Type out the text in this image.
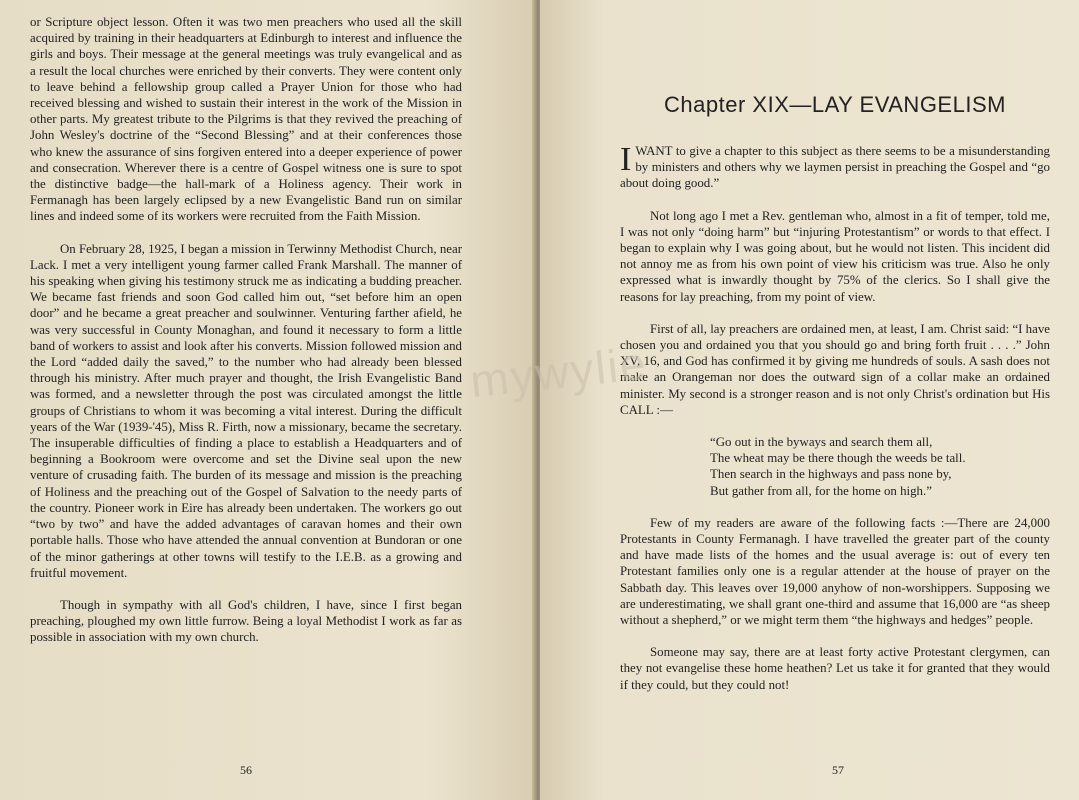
or Scripture object lesson. Often it was two men preachers who used all the skill acquired by training in their headquarters at Edinburgh to interest and influence the girls and boys. Their message at the general meetings was truly evangelical and as a result the local churches were enriched by their converts. They were content only to leave behind a fellowship group called a Prayer Union for those who had received blessing and wished to sustain their interest in the work of the Mission in other parts. My greatest tribute to the Pilgrims is that they revived the preaching of John Wesley's doctrine of the “Second Blessing” and at their conferences those who knew the assurance of sins forgiven entered into a deeper experience of power and consecration. Wherever there is a centre of Gospel witness one is sure to spot the distinctive badge—the hall-mark of a Holiness agency. Their work in Fermanagh has been largely eclipsed by a new Evangelistic Band run on similar lines and indeed some of its workers were recruited from the Faith Mission.

On February 28, 1925, I began a mission in Terwinny Methodist Church, near Lack. I met a very intelligent young farmer called Frank Marshall. The manner of his speaking when giving his testimony struck me as indicating a budding preacher. We became fast friends and soon God called him out, “set before him an open door” and he became a great preacher and soulwinner. Venturing farther afield, he was very successful in County Monaghan, and found it necessary to form a little band of workers to assist and look after his converts. Mission followed mission and the Lord “added daily the saved,” to the number who had already been blessed through his ministry. After much prayer and thought, the Irish Evangelistic Band was formed, and a newsletter through the post was circulated amongst the little groups of Christians to whom it was becoming a vital interest. During the difficult years of the War (1939-'45), Miss R. Firth, now a missionary, became the secretary. The insuperable difficulties of finding a place to establish a Headquarters and of beginning a Bookroom were overcome and set the Divine seal upon the new venture of crusading faith. The burden of its message and mission is the preaching of Holiness and the preaching out of the Gospel of Salvation to the needy parts of the country. Pioneer work in Eire has already been undertaken. The workers go out “two by two” and have the added advantages of caravan homes and their own portable halls. Those who have attended the annual convention at Bundoran or one of the minor gatherings at other towns will testify to the I.E.B. as a growing and fruitful movement.

Though in sympathy with all God's children, I have, since I first began preaching, ploughed my own little furrow. Being a loyal Methodist I work as far as possible in association with my own church.

56
Chapter XIX—LAY EVANGELISM

IWANT to give a chapter to this subject as there seems to be a misunderstanding by ministers and others why we laymen persist in preaching the Gospel and “go about doing good.”

Not long ago I met a Rev. gentleman who, almost in a fit of temper, told me, I was not only “doing harm” but “injuring Protestantism” or words to that effect. I began to explain why I was going about, but he would not listen. This incident did not annoy me as from his own point of view his criticism was true. Also he only expressed what is inwardly thought by 75% of the clerics. So I shall give the reasons for lay preaching, from my point of view.

First of all, lay preachers are ordained men, at least, I am. Christ said: “I have chosen you and ordained you that you should go and bring forth fruit . . . .” John XV, 16, and God has confirmed it by giving me hundreds of souls. A sash does not make an Orangeman nor does the outward sign of a collar make an ordained minister. My second is a stronger reason and is not only Christ's ordination but His CALL :—

“Go out in the byways and search them all,
The wheat may be there though the weeds be tall.
Then search in the highways and pass none by,
But gather from all, for the home on high.”

Few of my readers are aware of the following facts :—There are 24,000 Protestants in County Fermanagh. I have travelled the greater part of the county and have made lists of the homes and the usual average is: out of every ten Protestant families only one is a regular attender at the house of prayer on the Sabbath day. This leaves over 19,000 anyhow of non-worshippers. Supposing we are underestimating, we shall grant one-third and assume that 16,000 are “as sheep without a shepherd,” or we might term them “the highways and hedges” people.

Someone may say, there are at least forty active Protestant clergymen, can they not evangelise these home heathen? Let us take it for granted that they would if they could, but they could not!

57
mywylie
